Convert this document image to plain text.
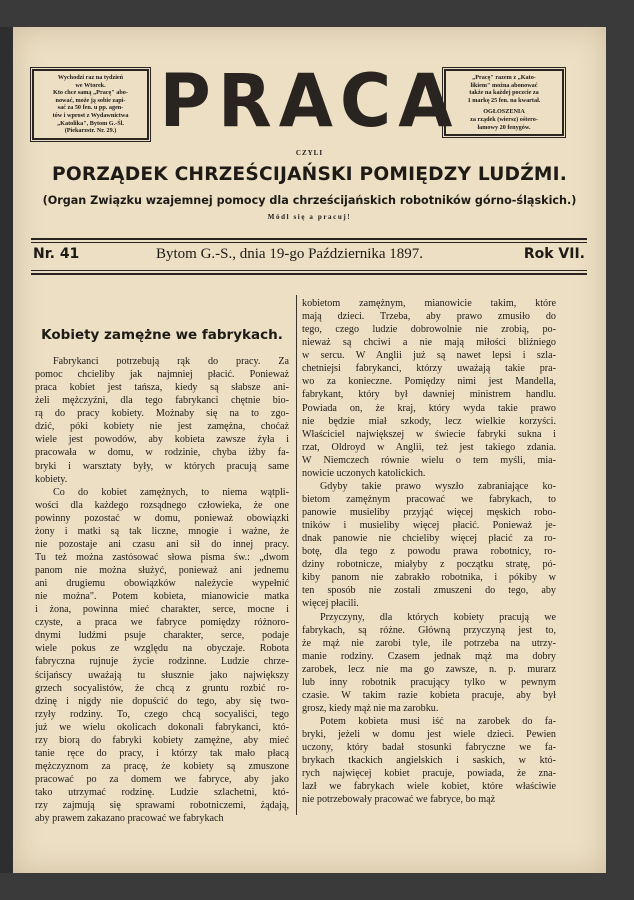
Wychodzi raz na tydzień
we Wtorek.
Kto chce samą „Pracę" abo-
nować, może ją sobie zapi-
sać za 50 fen. u pp. agen-
tów i wprost z Wydawnictwa
„Katolika", Bytom G.-Śl.
(Piekarzstr. Nr. 29.)
„Pracę" razem z „Kato-
likiem" można abonować
także na każdej poczcie za
1 markę 25 fen. na kwartał.
OGŁOSZENIA
za rządek (wiersz) ośtero-
łamowy 20 fenygów.
PRACA
CZYLI
PORZĄDEK CHRZEŚCIJAŃSKI POMIĘDZY LUDŹMI.
(Organ Związku wzajemnej pomocy dla chrześcijańskich robotników górno-śląskich.)
Módl się a pracuj!
Nr. 41	Bytom G.-S., dnia 19-go Października 1897.	Rok VII.

Kobiety zamężne we fabrykach.

Fabrykanci potrzebują rąk do pracy. Za
pomoc chcieliby jak najmniej płacić. Ponieważ
praca kobiet jest tańsza, kiedy są słabsze ani-
żeli mężczyźni, dla tego fabrykanci chętnie bio-
rą do pracy kobiety. Możnaby się na to zgo-
dzić, póki kobiety nie jest zamężna, choćaż
wiele jest powodów, aby kobieta zawsze żyła i
pracowała w domu, w rodzinie, chyba iżby fa-
bryki i warsztaty były, w których pracują same
kobiety.
Co do kobiet zamężnych, to niema wątpli-
wości dla każdego rozsądnego człowieka, że one
powinny pozostać w domu, ponieważ obowiązki
żony i matki są tak liczne, mnogie i ważne, że
nie pozostaje ani czasu ani sił do innej pracy.
Tu też można zastósować słowa pisma św.: „dwom
panom nie można służyć, ponieważ ani jednemu
ani drugiemu obowiązków należycie wypełnić
nie można". Potem kobieta, mianowicie matka
i żona, powinna mieć charakter, serce, mocne i
czyste, a praca we fabryce pomiędzy różnoro-
dnymi ludźmi psuje charakter, serce, podaje
wiele pokus ze względu na obyczaje. Robota
fabryczna rujnuje życie rodzinne. Ludzie chrze-
ścijańscy uważają tu słusznie jako największy
grzech socyalistów, że chcą z gruntu rozbić ro-
dzinę i nigdy nie dopuścić do tego, aby się two-
rzyły rodziny. To, czego chcą socyaliści, tego
już we wielu okolicach dokonali fabrykanci, któ-
rzy biorą do fabryki kobiety zamężne, aby mieć
tanie ręce do pracy, i którzy tak mało płacą
mężczyznom za pracę, że kobiety są zmuszone
pracować po za domem we fabryce, aby jako
tako utrzymać rodzinę. Ludzie szlachetni, któ-
rzy zajmują się sprawami robotniczemi, żądają,
aby prawem zakazano pracować we fabrykach
kobietom zamężnym, mianowicie takim, które
mają dzieci. Trzeba, aby prawo zmusiło do
tego, czego ludzie dobrowolnie nie zrobią, po-
nieważ są chciwi a nie mają miłości bliźniego
w sercu. W Anglii już są nawet lepsi i szla-
chetniejsi fabrykanci, którzy uważają takie pra-
wo za konieczne. Pomiędzy nimi jest Mandella,
fabrykant, który był dawniej ministrem handlu.
Powiada on, że kraj, który wyda takie prawo
nie będzie miał szkody, lecz wielkie korzyści.
Właściciel największej w świecie fabryki sukna i
rzat, Oldroyd w Anglii, też jest takiego zdania.
W Niemczech równie wielu o tem myśli, mia-
nowicie uczonych katolickich.
Gdyby takie prawo wyszło zabraniające ko-
bietom zamężnym pracować we fabrykach, to
panowie musieliby przyjąć więcej męskich robo-
tników i musieliby więcej płacić. Ponieważ je-
dnak panowie nie chcieliby więcej płacić za ro-
botę, dla tego z powodu prawa robotnicy, ro-
dziny robotnicze, miałyby z początku stratę, pó-
kiby panom nie zabrakło robotnika, i pókiby w
ten sposób nie zostali zmuszeni do tego, aby
więcej płacili.
Przyczyny, dla których kobiety pracują we
fabrykach, są różne. Główną przyczyną jest to,
że mąż nie zarobi tyle, ile potrzeba na utrzy-
manie rodziny. Czasem jednak mąż ma dobry
zarobek, lecz nie ma go zawsze, n. p. murarz
lub inny robotnik pracujący tylko w pewnym
czasie. W takim razie kobieta pracuje, aby był
grosz, kiedy mąż nie ma zarobku.
Potem kobieta musi iść na zarobek do fa-
bryki, jeżeli w domu jest wiele dzieci. Pewien
uczony, który badał stosunki fabryczne we fa-
brykach tkackich angielskich i saskich, w któ-
rych najwięcej kobiet pracuje, powiada, że zna-
lazł we fabrykach wiele kobiet, które właściwie
nie potrzebowały pracować we fabryce, bo mąż
